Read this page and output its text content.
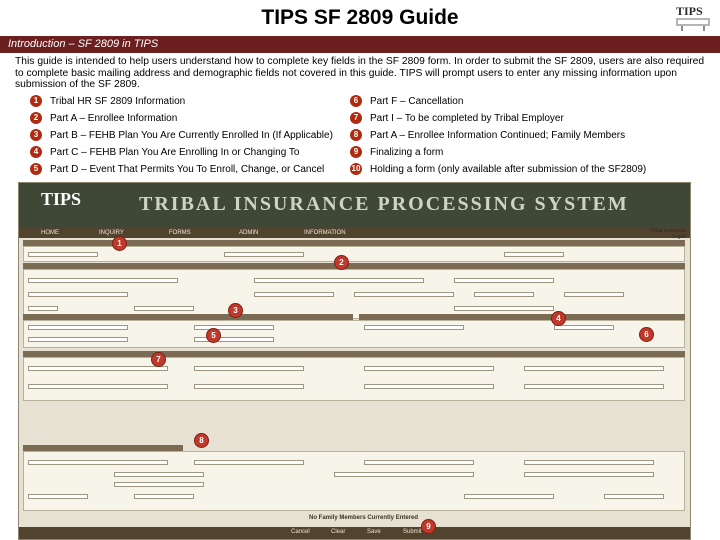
TIPS SF 2809 Guide	TIPS
Introduction – SF 2809 in TIPS
This guide is intended to help users understand how to complete key fields in the SF 2809 form. In order to submit the SF 2809, users are also required to complete basic mailing address and demographic fields not covered in this guide. TIPS will prompt users to enter any missing information upon submission of the SF 2809.
1 Tribal HR SF 2809 Information
2 Part A – Enrollee Information
3 Part B – FEHB Plan You Are Currently Enrolled In (If Applicable)
4 Part C – FEHB Plan You Are Enrolling In or Changing To
5 Part D – Event That Permits You To Enroll, Change, or Cancel
6 Part F – Cancellation
7 Part I – To be completed by Tribal Employer
8 Part A – Enrollee Information Continued; Family Members
9 Finalizing a form
10 Holding a form (only available after submission of the SF2809)
TIPS	TRIBAL INSURANCE PROCESSING SYSTEM
HOME	INQUIRY	FORMS	ADMIN	INFORMATION	Tribal Insurance
Logoff
No Family Members Currently Entered
Cancel	Clear	Save	Submit
1
2
3
4
5	6
7
8
9
